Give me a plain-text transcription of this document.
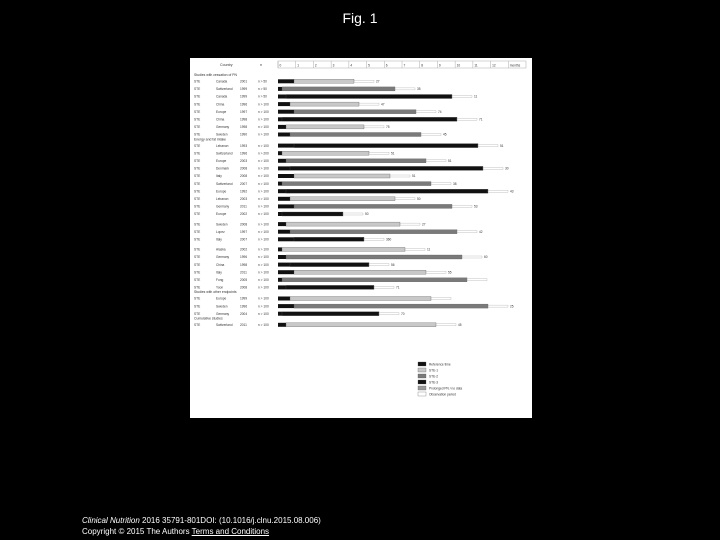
Fig. 1
Country	n	0	1	2	3	4	5	6	7	8	9	10	11	12	months
Studies with cessation of PN
STE	Canada	2001	n > 50	27
STE	Switzerland 1999	n > 50	35
STE	Canada	1999	n > 50	11
STE	China	1996	n > 100	47
STE	Europe	1997	n > 100	74
STE	China	1998	n > 100	71
STE	Germany	1998	n > 100	75
STE	Sweden	1990	n > 100	45
Energy and fat intake
STE	Lebanon	1993	n > 100	51
STE	Switzerland 1996	n > 200	51
STE	Europe	2003	n > 100	51
STE	Denmark	2008	n > 100	30
STE	Italy	2008	n > 100	51
STE	Switzerland 2007	n > 100	38
STE	Europe	1992	n > 100	43
STE	Lebanon	2003	n > 100	50
STE	Germany	2011	n > 100	53
STE	Europe	2002	n > 100	50
STE	Sweden	2008	n > 100	27
STE	Lopez	1997	n > 100	42
STE	Italy	2007	n > 100	360
STE	Alaska	2002	n > 100	11
STE	Germany	1996	n > 100	60
STE	China	1998	n > 100	56
STE	Italy	2011	n > 100	55
STE	Fong	2005	n > 100
STE	Yoon	2008	n > 100	71
Studies with other endpoints
STE	Europe	1999	n > 100
STE	Sweden	1996	n > 100	25
STE	Germany	2004	n > 100	70
Cumulative studies
STE	Switzerland 2011	n > 100	45
Reference time
STE-1
STE-2
STE-3
Prolonged PN / no data
Observation period
Clinical Nutrition 2016 35791-801DOI: (10.1016/j.clnu.2015.08.006)
Copyright © 2015 The Authors Terms and Conditions
